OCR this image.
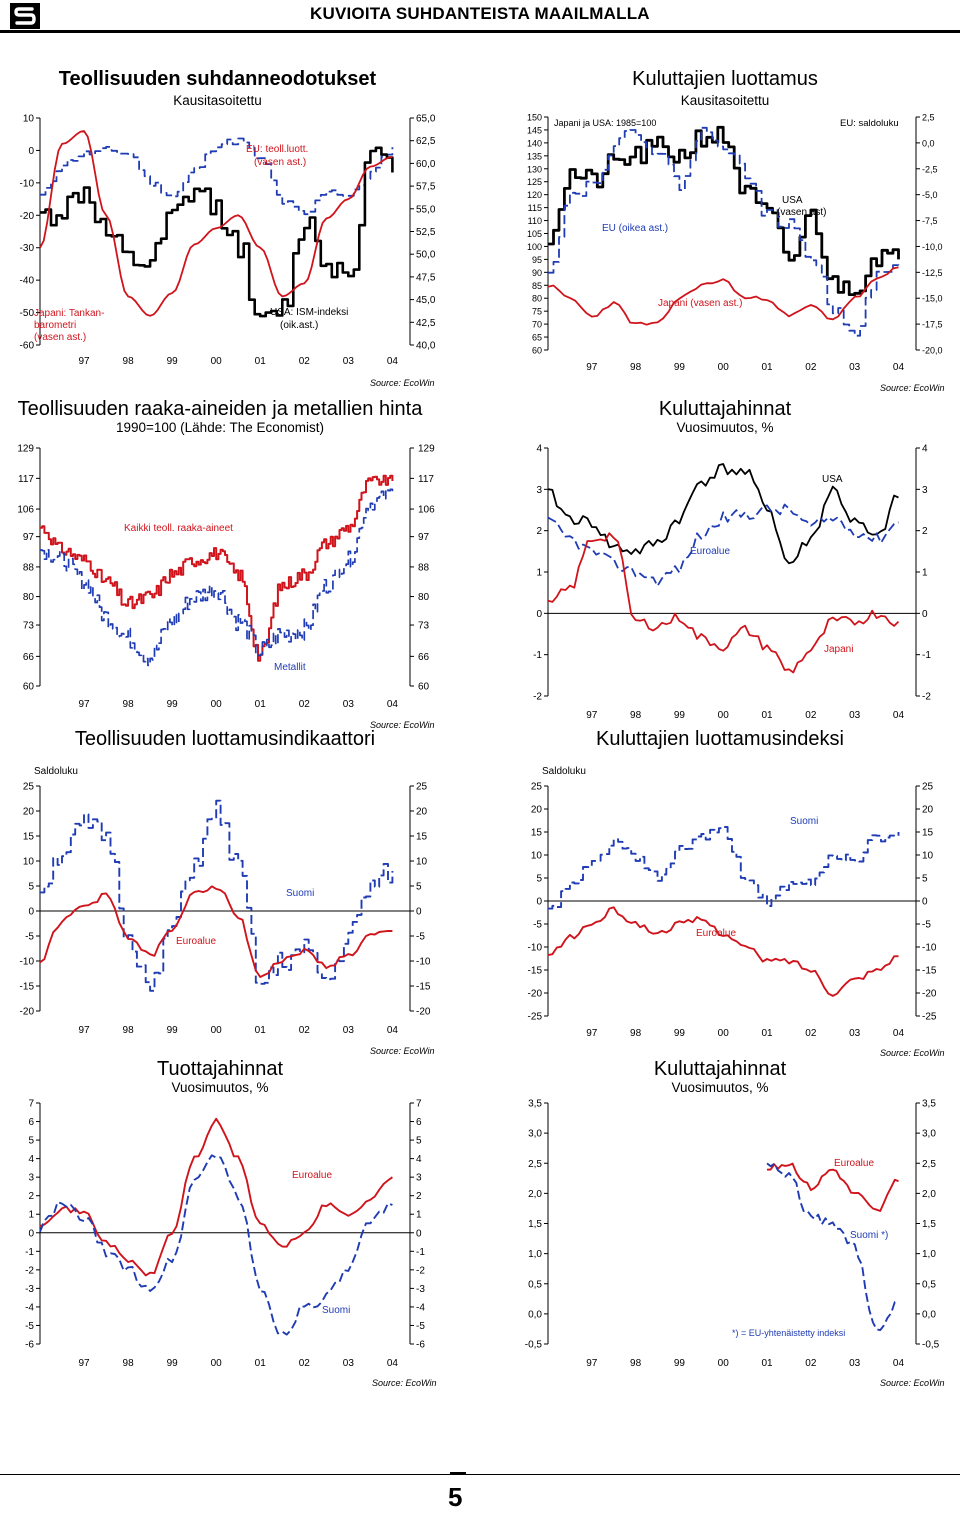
KUVIOITA SUHDANTEISTA MAAILMALLA
Teollisuuden suhdanneodotukset
Kausitasoitettu
10
0
-10
-20
-30
-40
-50
-60
65,0
62,5
60,0
57,5
55,0
52,5
50,0
47,5
45,0
42,5
40,0
97	98	99	00	01	02	03	04
EU: teoll.luott.
(vasen ast.)
USA: ISM-indeksi
(oik.ast.)
Japani: Tankan-
barometri
(vasen ast.)
Source: EcoWin
Kuluttajien luottamus
Kausitasoitettu
150
145
140
135
130
125
120
115
110
105
100
95
90
85
80
75
70
65
60
2,5
0,0
-2,5
-5,0
-7,5
-10,0
-12,5
-15,0
-17,5
-20,0
97	98	99	00	01	02	03	04
Japani ja USA: 1985=100	EU: saldoluku
EU (oikea ast.)
USA
(vasen ast)
Japani (vasen ast.)
Source: EcoWin
Teollisuuden raaka-aineiden ja metallien hinta
1990=100 (Lähde: The Economist)
129
117
106
97
88
80
73
66
60
129
117
106
97
88
80
73
66
60
97	98	99	00	01	02	03	04
Kaikki teoll. raaka-aineet
Metallit
Source: EcoWin
Kuluttajahinnat
Vuosimuutos, %
4
3
2
1
0
-1
-2
4
3
2
1
0
-1
-2
97	98	99	00	01	02	03	04
USA
Euroalue
Japani
Teollisuuden luottamusindikaattori
25
20
15
10
5
0
-5
-10
-15
-20
25
20
15
10
5
0
-5
-10
-15
-20
97	98	99	00	01	02	03	04
Saldoluku
Suomi
Euroalue
Source: EcoWin
Kuluttajien luottamusindeksi
25
20
15
10
5
0
-5
-10
-15
-20
-25
25
20
15
10
5
0
-5
-10
-15
-20
-25
97	98	99	00	01	02	03	04
Saldoluku
Suomi
Euroalue
Source: EcoWin
Tuottajahinnat
Vuosimuutos, %
7
6
5
4
3
2
1
0
-1
-2
-3
-4
-5
-6
7
6
5
4
3
2
1
0
-1
-2
-3
-4
-5
-6
97	98	99	00	01	02	03	04
Euroalue
Suomi
Source: EcoWin
Kuluttajahinnat
Vuosimuutos, %
3,5
3,0
2,5
2,0
1,5
1,0
0,5
0,0
-0,5
3,5
3,0
2,5
2,0
1,5
1,0
0,5
0,0
-0,5
97	98	99	00	01	02	03	04
Euroalue
Suomi *)
*) = EU-yhtenäistetty indeksi
Source: EcoWin
5
